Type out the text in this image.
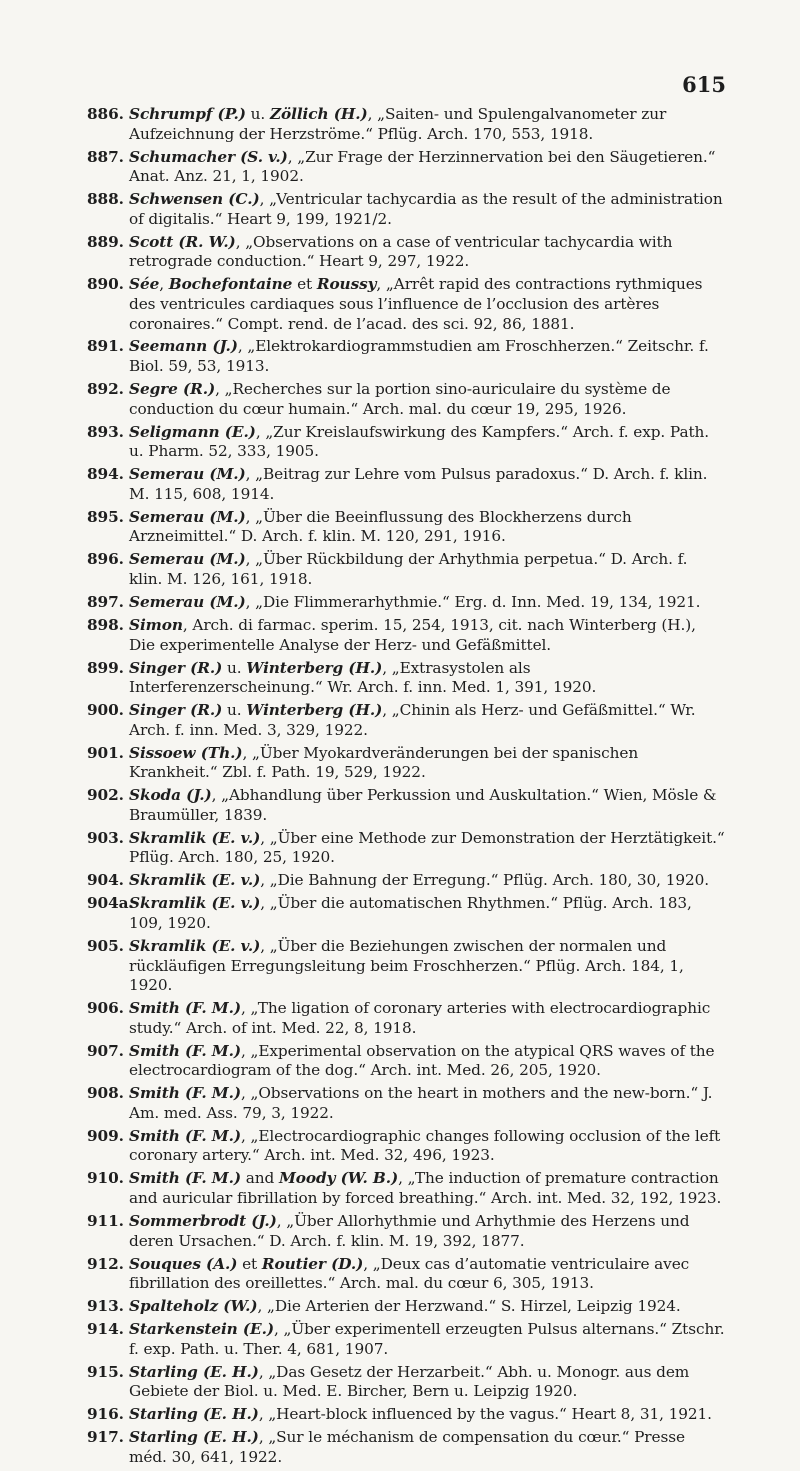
615
886. Schrumpf (P.) u. Zöllich (H.), „Saiten- und Spulengalvanometer zur Aufzeichnung der Herzströme.“ Pflüg. Arch. 170, 553, 1918.
887. Schumacher (S. v.), „Zur Frage der Herzinnervation bei den Säugetieren.“ Anat. Anz. 21, 1, 1902.
888. Schwensen (C.), „Ventricular tachycardia as the result of the administration of digitalis.“ Heart 9, 199, 1921/2.
889. Scott (R. W.), „Observations on a case of ventricular tachycardia with retrograde conduction.“ Heart 9, 297, 1922.
890. Sée, Bochefontaine et Roussy, „Arrêt rapid des contractions rythmiques des ventricules cardiaques sous l’influence de l’occlusion des artères coronaires.“ Compt. rend. de l’acad. des sci. 92, 86, 1881.
891. Seemann (J.), „Elektrokardiogrammstudien am Froschherzen.“ Zeitschr. f. Biol. 59, 53, 1913.
892. Segre (R.), „Recherches sur la portion sino-auriculaire du système de conduction du cœur humain.“ Arch. mal. du cœur 19, 295, 1926.
893. Seligmann (E.), „Zur Kreislaufswirkung des Kampfers.“ Arch. f. exp. Path. u. Pharm. 52, 333, 1905.
894. Semerau (M.), „Beitrag zur Lehre vom Pulsus paradoxus.“ D. Arch. f. klin. M. 115, 608, 1914.
895. Semerau (M.), „Über die Beeinflussung des Blockherzens durch Arzneimittel.“ D. Arch. f. klin. M. 120, 291, 1916.
896. Semerau (M.), „Über Rückbildung der Arhythmia perpetua.“ D. Arch. f. klin. M. 126, 161, 1918.
897. Semerau (M.), „Die Flimmerarhythmie.“ Erg. d. Inn. Med. 19, 134, 1921.
898. Simon, Arch. di farmac. sperim. 15, 254, 1913, cit. nach Winterberg (H.), Die experimentelle Analyse der Herz- und Gefäßmittel.
899. Singer (R.) u. Winterberg (H.), „Extrasystolen als Interferenzerscheinung.“ Wr. Arch. f. inn. Med. 1, 391, 1920.
900. Singer (R.) u. Winterberg (H.), „Chinin als Herz- und Gefäßmittel.“ Wr. Arch. f. inn. Med. 3, 329, 1922.
901. Sissoew (Th.), „Über Myokardveränderungen bei der spanischen Krankheit.“ Zbl. f. Path. 19, 529, 1922.
902. Skoda (J.), „Abhandlung über Perkussion und Auskultation.“ Wien, Mösle & Braumüller, 1839.
903. Skramlik (E. v.), „Über eine Methode zur Demonstration der Herztätigkeit.“ Pflüg. Arch. 180, 25, 1920.
904. Skramlik (E. v.), „Die Bahnung der Erregung.“ Pflüg. Arch. 180, 30, 1920.
904a.
Skramlik (E. v.), „Über die automatischen Rhythmen.“ Pflüg. Arch. 183, 109, 1920.
905. Skramlik (E. v.), „Über die Beziehungen zwischen der normalen und rückläufigen Erregungsleitung beim Froschherzen.“ Pflüg. Arch. 184, 1, 1920.
906. Smith (F. M.), „The ligation of coronary arteries with electrocardiographic study.“ Arch. of int. Med. 22, 8, 1918.
907. Smith (F. M.), „Experimental observation on the atypical QRS waves of the electrocardiogram of the dog.“ Arch. int. Med. 26, 205, 1920.
908. Smith (F. M.), „Observations on the heart in mothers and the new-born.“ J. Am. med. Ass. 79, 3, 1922.
909. Smith (F. M.), „Electrocardiographic changes following occlusion of the left coronary artery.“ Arch. int. Med. 32, 496, 1923.
910. Smith (F. M.) and Moody (W. B.), „The induction of premature contraction and auricular fibrillation by forced breathing.“ Arch. int. Med. 32, 192, 1923.
911. Sommerbrodt (J.), „Über Allorhythmie und Arhythmie des Herzens und deren Ursachen.“ D. Arch. f. klin. M. 19, 392, 1877.
912. Souques (A.) et Routier (D.), „Deux cas d’automatie ventriculaire avec fibrillation des oreillettes.“ Arch. mal. du cœur 6, 305, 1913.
913. Spalteholz (W.), „Die Arterien der Herzwand.“ S. Hirzel, Leipzig 1924.
914. Starkenstein (E.), „Über experimentell erzeugten Pulsus alternans.“ Ztschr. f. exp. Path. u. Ther. 4, 681, 1907.
915. Starling (E. H.), „Das Gesetz der Herzarbeit.“ Abh. u. Monogr. aus dem Gebiete der Biol. u. Med. E. Bircher, Bern u. Leipzig 1920.
916. Starling (E. H.), „Heart-block influenced by the vagus.“ Heart 8, 31, 1921.
917. Starling (E. H.), „Sur le méchanism de compensation du cœur.“ Presse méd. 30, 641, 1922.
